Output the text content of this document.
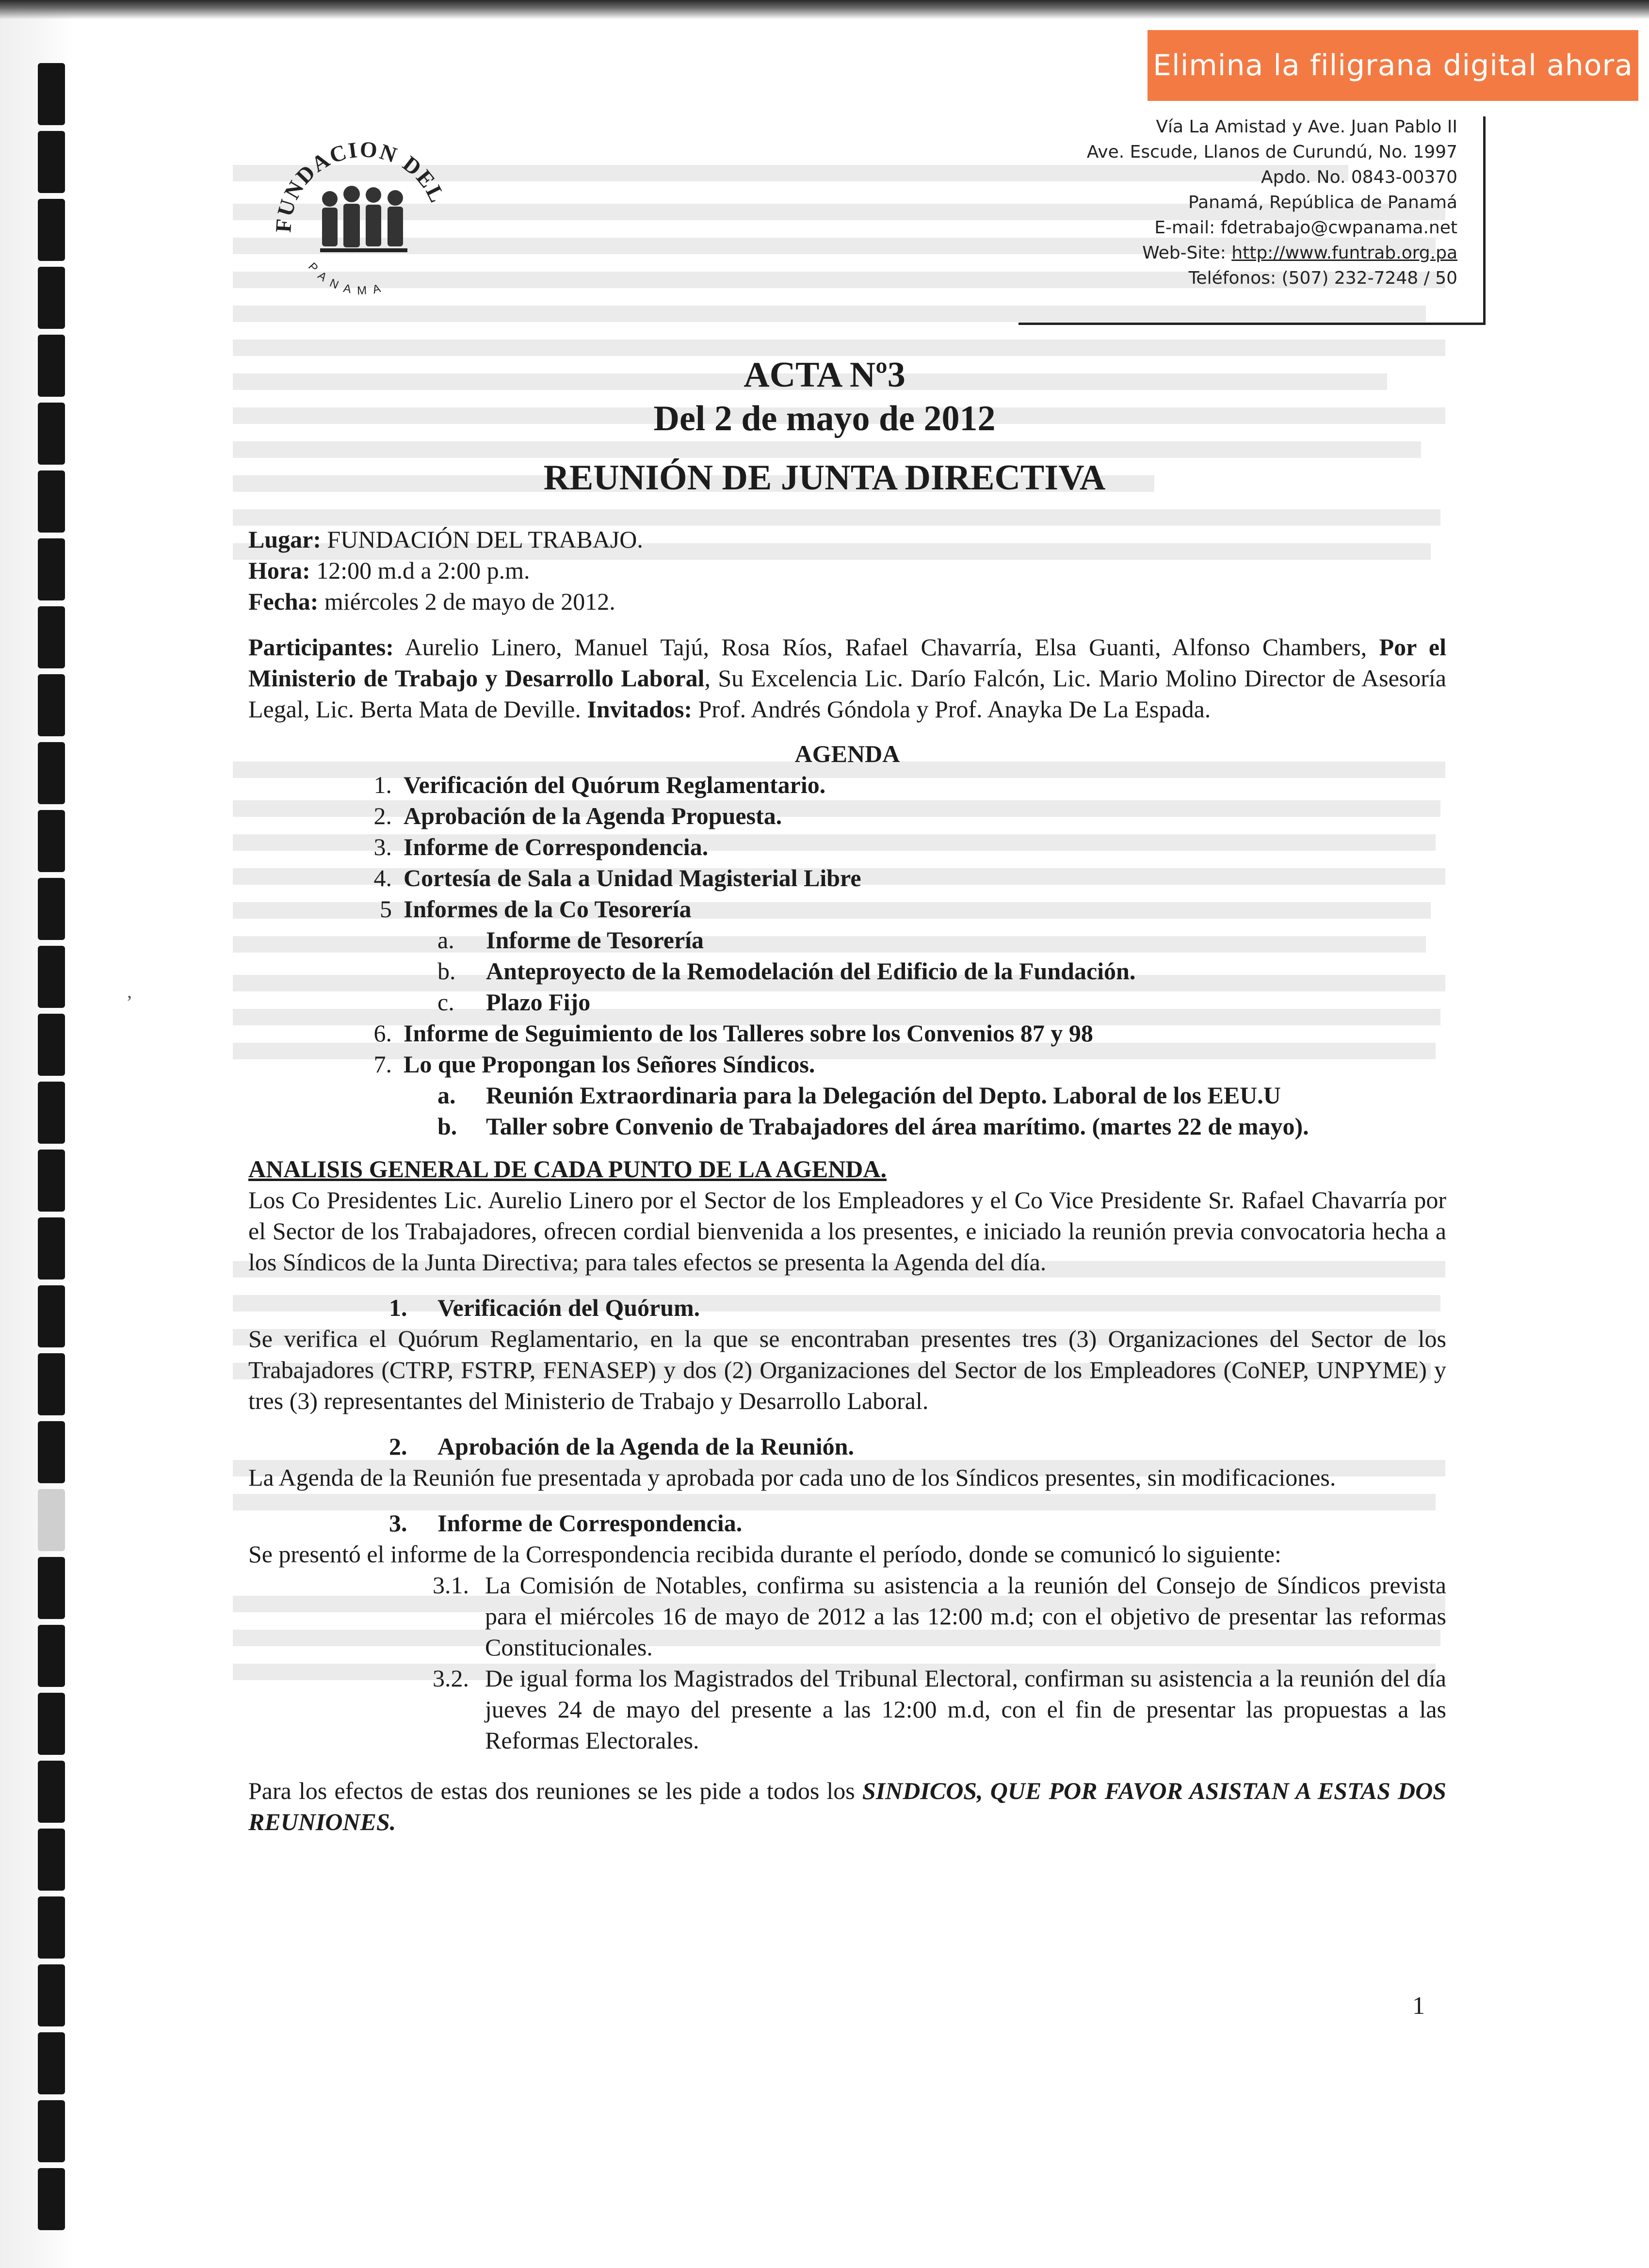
Elimina la filigrana digital ahora
FUNDACION DEL
PANAMA
Vía La Amistad y Ave. Juan Pablo II
Ave. Escude, Llanos de Curundú, No. 1997
Apdo. No. 0843-00370
Panamá, República de Panamá
E-mail: fdetrabajo@cwpanama.net
Web-Site: http://www.funtrab.org.pa
Teléfonos: (507) 232-7248 / 50
ACTA Nº3
Del 2 de mayo de 2012
REUNIÓN DE JUNTA DIRECTIVA
,

Lugar: FUNDACIÓN DEL TRABAJO.

Hora: 12:00 m.d a 2:00 p.m.

Fecha: miércoles 2 de mayo de 2012.

Participantes: Aurelio Linero, Manuel Tajú, Rosa Ríos, Rafael Chavarría, Elsa Guanti, Alfonso Chambers, Por el Ministerio de Trabajo y Desarrollo Laboral, Su Excelencia Lic. Darío Falcón, Lic. Mario Molino Director de Asesoría Legal, Lic. Berta Mata de Deville. Invitados: Prof. Andrés Góndola y Prof. Anayka De La Espada.

AGENDA

1. Verificación del Quórum Reglamentario.
2. Aprobación de la Agenda Propuesta.
3. Informe de Correspondencia.
4. Cortesía de Sala a Unidad Magisterial Libre
5 Informes de la Co Tesorería
a.	Informe de Tesorería
b.	Anteproyecto de la Remodelación del Edificio de la Fundación.
c.	Plazo Fijo
6. Informe de Seguimiento de los Talleres sobre los Convenios 87 y 98
7. Lo que Propongan los Señores Síndicos.
a.	Reunión Extraordinaria para la Delegación del Depto. Laboral de los EEU.U
b.	Taller sobre Convenio de Trabajadores del área marítimo. (martes 22 de mayo).

ANALISIS GENERAL DE CADA PUNTO DE LA AGENDA.

Los Co Presidentes Lic. Aurelio Linero por el Sector de los Empleadores y el Co Vice Presidente Sr. Rafael Chavarría por el Sector de los Trabajadores, ofrecen cordial bienvenida a los presentes, e iniciado la reunión previa convocatoria hecha a los Síndicos de la Junta Directiva; para tales efectos se presenta la Agenda del día.

1.	Verificación del Quórum.

Se verifica el Quórum Reglamentario, en la que se encontraban presentes tres (3) Organizaciones del Sector de los Trabajadores (CTRP, FSTRP, FENASEP) y dos (2) Organizaciones del Sector de los Empleadores (CoNEP, UNPYME) y tres (3) representantes del Ministerio de Trabajo y Desarrollo Laboral.

2.	Aprobación de la Agenda de la Reunión.

La Agenda de la Reunión fue presentada y aprobada por cada uno de los Síndicos presentes, sin modificaciones.

3.	Informe de Correspondencia.

Se presentó el informe de la Correspondencia recibida durante el período, donde se comunicó lo siguiente:

3.1. La Comisión de Notables, confirma su asistencia a la reunión del Consejo de Síndicos prevista para el miércoles 16 de mayo de 2012 a las 12:00 m.d; con el objetivo de presentar las reformas Constitucionales.
3.2. De igual forma los Magistrados del Tribunal Electoral, confirman su asistencia a la reunión del día jueves 24 de mayo del presente a las 12:00 m.d, con el fin de presentar las propuestas a las Reformas Electorales.

Para los efectos de estas dos reuniones se les pide a todos los SINDICOS, QUE POR FAVOR ASISTAN A ESTAS DOS REUNIONES.

1
